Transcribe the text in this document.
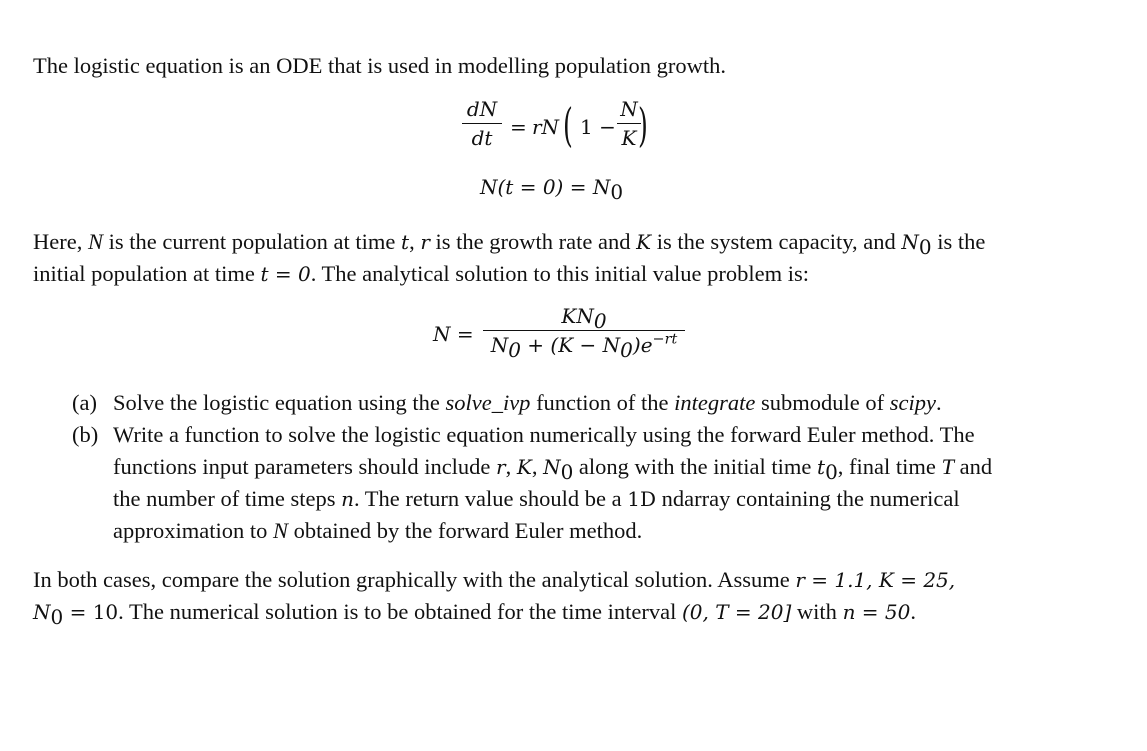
The logistic equation is an ODE that is used in modelling population growth.
dN
dt = rN ( 1 −
N
K )
$N(t = 0) = N_0$
Here, N is the current population at time t, r is the growth rate and K is the system capacity, and $N_0$ is the
initial population at time t = 0. The analytical solution to this initial value problem is:
N =
$KN_0$
$N_0 + (K - N_0)e^{-rt}$
(a) Solve the logistic equation using the solve_ivp function of the integrate submodule of scipy.
(b) Write a function to solve the logistic equation numerically using the forward Euler method. The
functions input parameters should include r, K, $N_0$ along with the initial time $t_0$, final time T and
the number of time steps n. The return value should be a 1D ndarray containing the numerical
approximation to N obtained by the forward Euler method.
In both cases, compare the solution graphically with the analytical solution. Assume r = 1.1, K = 25,
$N_0 = 10$. The numerical solution is to be obtained for the time interval (0, T = 20] with n = 50.
